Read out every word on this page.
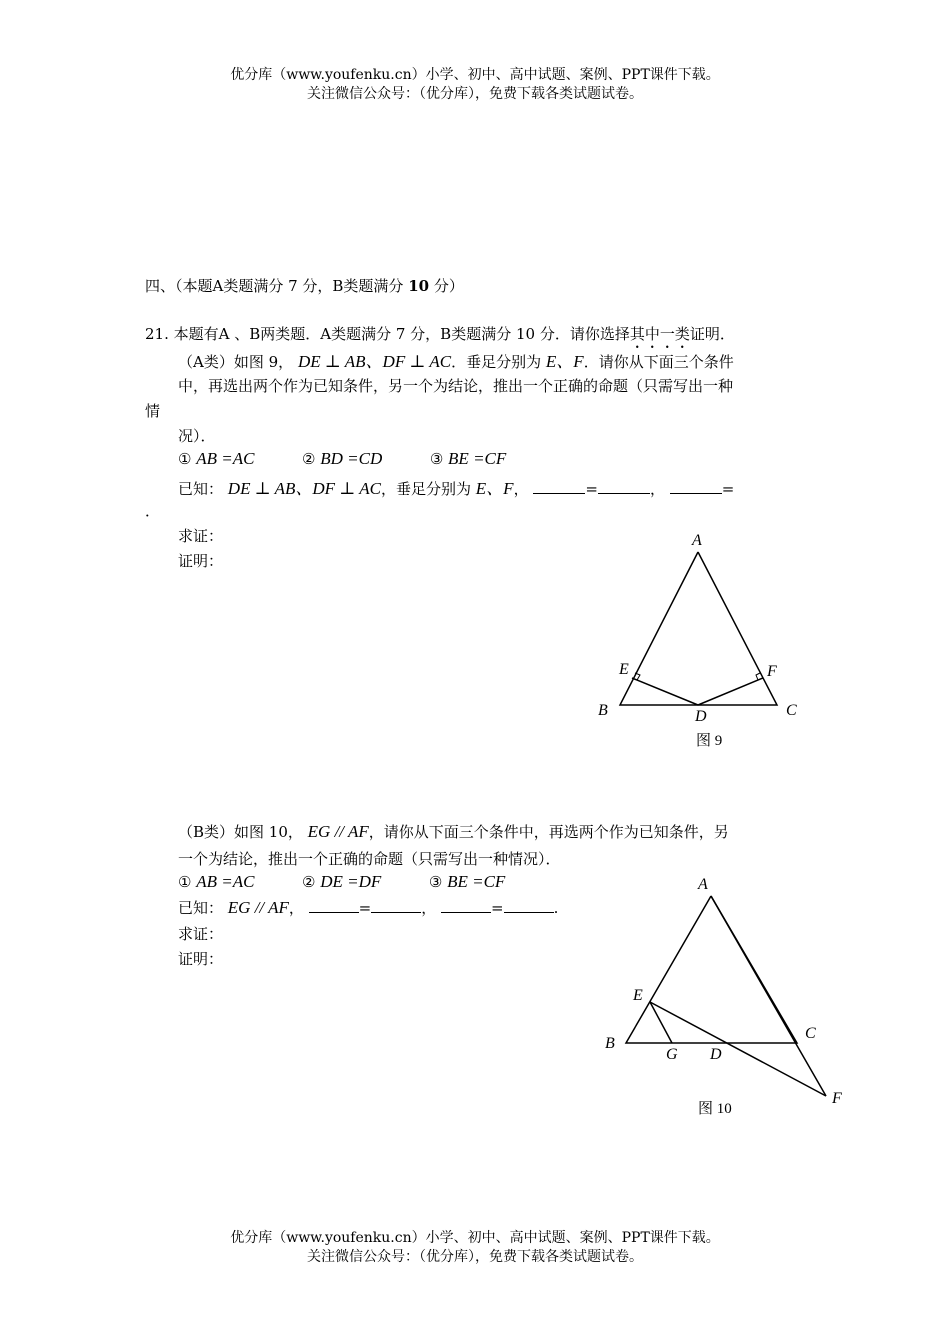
优分库（www.youfenku.cn）小学、初中、高中试题、案例、PPT课件下载。
关注微信公众号：（优分库），免费下载各类试题试卷。
四、（本题A类题满分 7 分，B类题满分 10 分）
21. 本题有A 、B两类题．A类题满分 7 分，B类题满分 10 分．请你选择其中一类证明．
（A类）如图 9， DE ⊥ AB、DF ⊥ AC．垂足分别为 E、F．请你从下面三个条件
中，再选出两个作为已知条件，另一个为结论，推出一个正确的命题（只需写出一种
情
况）．
① AB =AC	② BD =CD	③ BE =CF
已知： DE ⊥ AB、DF ⊥ AC，垂足分别为 E、F，	=	，	=
．
求证：
证明：
A
B	C
D
E	F
图 9
（B类）如图 10， EG // AF，请你从下面三个条件中，再选两个作为已知条件，另
一个为结论，推出一个正确的命题（只需写出一种情况）．
① AB =AC	② DE =DF	③ BE =CF
已知： EG // AF，	=	，	=	.
求证：
证明：
A
B
C
D
E
F
G
图 10
优分库（www.youfenku.cn）小学、初中、高中试题、案例、PPT课件下载。
关注微信公众号：（优分库），免费下载各类试题试卷。
